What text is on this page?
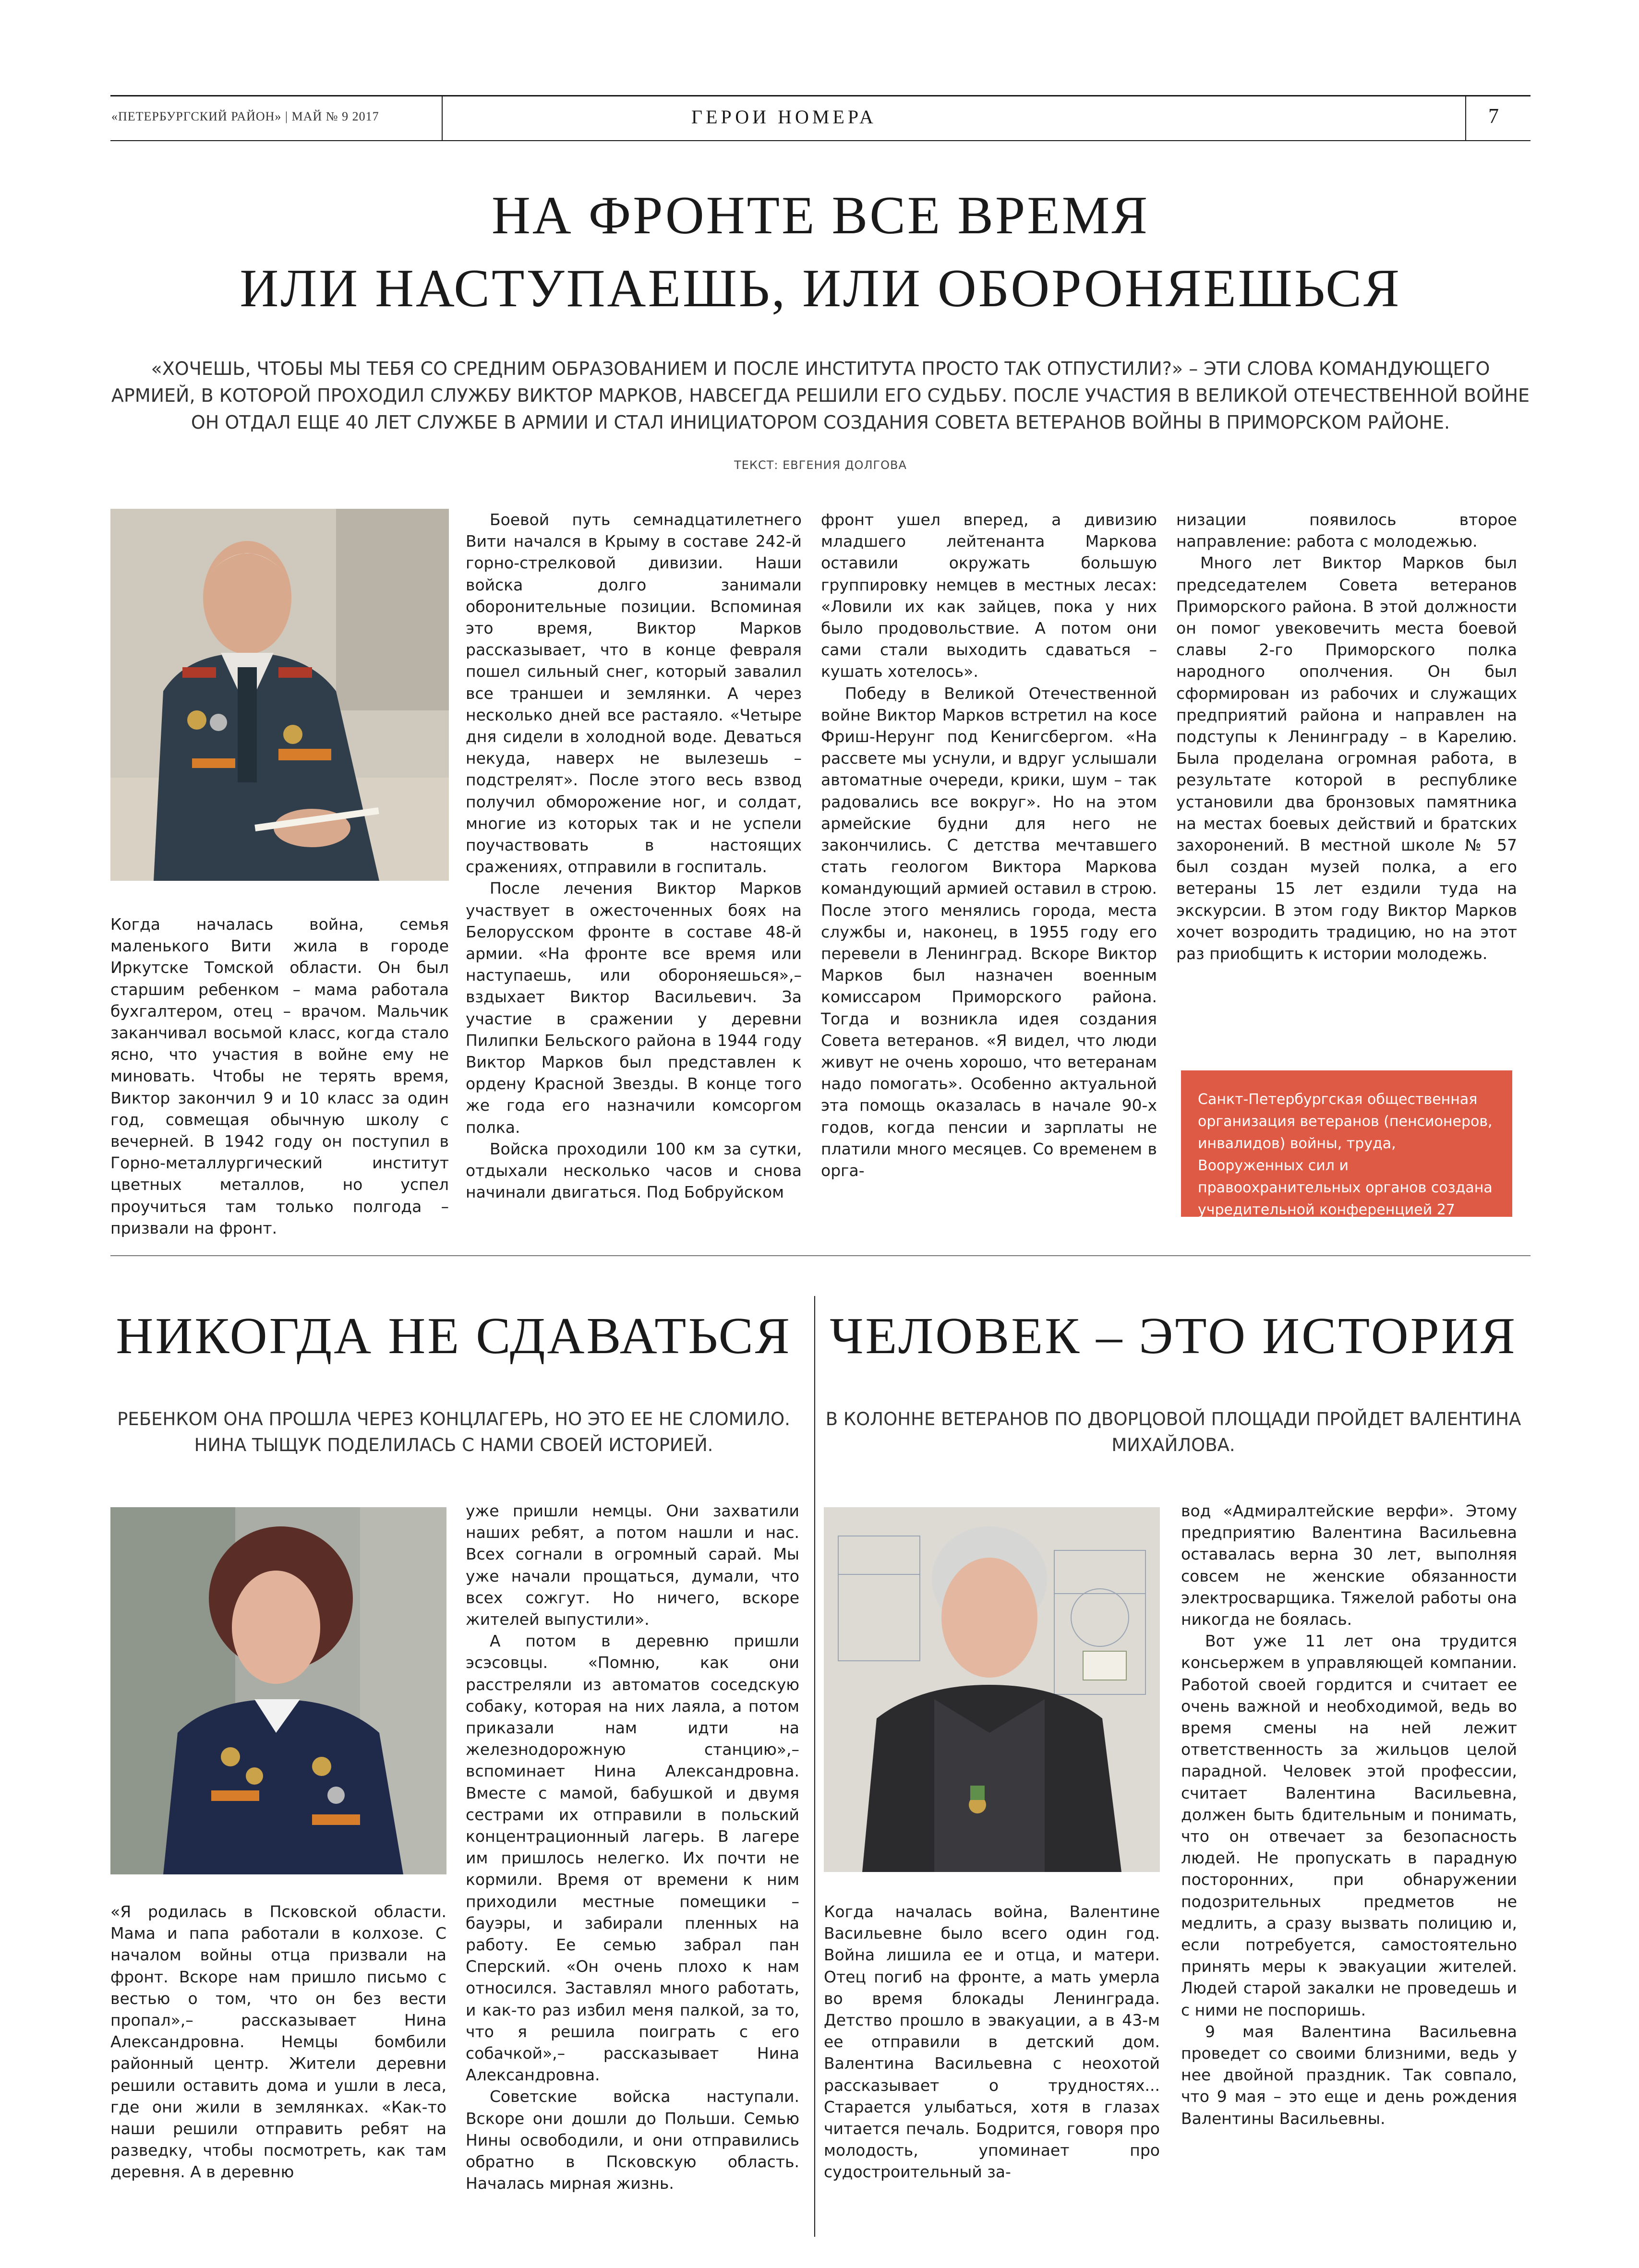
«ПЕТЕРБУРГСКИЙ РАЙОН» | МАЙ № 9 2017	ГЕРОИ НОМЕРА	7
НА ФРОНТЕ ВСЕ ВРЕМЯ
ИЛИ НАСТУПАЕШЬ, ИЛИ ОБОРОНЯЕШЬСЯ
«ХОЧЕШЬ, ЧТОБЫ МЫ ТЕБЯ СО СРЕДНИМ ОБРАЗОВАНИЕМ И ПОСЛЕ ИНСТИТУТА ПРОСТО ТАК ОТПУСТИЛИ?» – ЭТИ СЛОВА КОМАНДУЮЩЕГО АРМИЕЙ, В КОТОРОЙ ПРОХОДИЛ СЛУЖБУ ВИКТОР МАРКОВ, НАВСЕГДА РЕШИЛИ ЕГО СУДЬБУ. ПОСЛЕ УЧАСТИЯ В ВЕЛИКОЙ ОТЕЧЕСТВЕННОЙ ВОЙНЕ ОН ОТДАЛ ЕЩЕ 40 ЛЕТ СЛУЖБЕ В АРМИИ И СТАЛ ИНИЦИАТОРОМ СОЗДАНИЯ СОВЕТА ВЕТЕРАНОВ ВОЙНЫ В ПРИМОРСКОМ РАЙОНЕ.
ТЕКСТ: ЕВГЕНИЯ ДОЛГОВА

Когда началась война, семья маленького Вити жила в городе Иркутске Томской области. Он был старшим ребенком – мама работала бухгалтером, отец – врачом. Мальчик заканчивал восьмой класс, когда стало ясно, что участия в войне ему не миновать. Чтобы не терять время, Виктор закончил 9 и 10 класс за один год, совмещая обычную школу с вечерней. В 1942 году он поступил в Горно-металлургический институт цветных металлов, но успел проучиться там только полгода – призвали на фронт.

Боевой путь семнадцатилетнего Вити начался в Крыму в составе 242-й горно-стрелковой дивизии. Наши войска долго занимали оборонительные позиции. Вспоминая это время, Виктор Марков рассказывает, что в конце февраля пошел сильный снег, который завалил все траншеи и землянки. А через несколько дней все растаяло. «Четыре дня сидели в холодной воде. Деваться некуда, наверх не вылезешь – подстрелят». После этого весь взвод получил обморожение ног, и солдат, многие из которых так и не успели поучаствовать в настоящих сражениях, отправили в госпиталь.

После лечения Виктор Марков участвует в ожесточенных боях на Белорусском фронте в составе 48-й армии. «На фронте все время или наступаешь, или обороняешься»,– вздыхает Виктор Васильевич. За участие в сражении у деревни Пилипки Бельского района в 1944 году Виктор Марков был представлен к ордену Красной Звезды. В конце того же года его назначили комсоргом полка.

Войска проходили 100 км за сутки, отдыхали несколько часов и снова начинали двигаться. Под Бобруйском

фронт ушел вперед, а дивизию младшего лейтенанта Маркова оставили окружать большую группировку немцев в местных лесах: «Ловили их как зайцев, пока у них было продовольствие. А потом они сами стали выходить сдаваться – кушать хотелось».

Победу в Великой Отечественной войне Виктор Марков встретил на косе Фриш-Нерунг под Кенигсбергом. «На рассвете мы уснули, и вдруг услышали автоматные очереди, крики, шум – так радовались все вокруг». Но на этом армейские будни для него не закончились. С детства мечтавшего стать геологом Виктора Маркова командующий армией оставил в строю. После этого менялись города, места службы и, наконец, в 1955 году его перевели в Ленинград. Вскоре Виктор Марков был назначен военным комиссаром Приморского района. Тогда и возникла идея создания Совета ветеранов. «Я видел, что люди живут не очень хорошо, что ветеранам надо помогать». Особенно актуальной эта помощь оказалась в начале 90-х годов, когда пенсии и зарплаты не платили много месяцев. Со временем в орга-

низации появилось второе направление: работа с молодежью.

Много лет Виктор Марков был председателем Совета ветеранов Приморского района. В этой должности он помог увековечить места боевой славы 2-го Приморского полка народного ополчения. Он был сформирован из рабочих и служащих предприятий района и направлен на подступы к Ленинграду – в Карелию. Была проделана огромная работа, в результате которой в республике установили два бронзовых памятника на местах боевых действий и братских захоронений. В местной школе № 57 был создан музей полка, а его ветераны 15 лет ездили туда на экскурсии. В этом году Виктор Марков хочет возродить традицию, но на этот раз приобщить к истории молодежь.

Санкт-Петербургская общественная организация ветеранов (пенсионеров, инвалидов) войны, труда, Вооруженных сил и правоохранительных органов создана учредительной конференцией 27 марта 1987 года.
НИКОГДА НЕ СДАВАТЬСЯ
РЕБЕНКОМ ОНА ПРОШЛА ЧЕРЕЗ КОНЦЛАГЕРЬ, НО ЭТО ЕЕ НЕ СЛОМИЛО. НИНА ТЫЩУК ПОДЕЛИЛАСЬ С НАМИ СВОЕЙ ИСТОРИЕЙ.

«Я родилась в Псковской области. Мама и папа работали в колхозе. С началом войны отца призвали на фронт. Вскоре нам пришло письмо с вестью о том, что он без вести пропал»,– рассказывает Нина Александровна. Немцы бомбили районный центр. Жители деревни решили оставить дома и ушли в леса, где они жили в землянках. «Как-то наши решили отправить ребят на разведку, чтобы посмотреть, как там деревня. А в деревню

уже пришли немцы. Они захватили наших ребят, а потом нашли и нас. Всех согнали в огромный сарай. Мы уже начали прощаться, думали, что всех сожгут. Но ничего, вскоре жителей выпустили».

А потом в деревню пришли эсэсовцы. «Помню, как они расстреляли из автоматов соседскую собаку, которая на них лаяла, а потом приказали нам идти на железнодорожную станцию»,– вспоминает Нина Александровна. Вместе с мамой, бабушкой и двумя сестрами их отправили в польский концентрационный лагерь. В лагере им пришлось нелегко. Их почти не кормили. Время от времени к ним приходили местные помещики – бауэры, и забирали пленных на работу. Ее семью забрал пан Сперский. «Он очень плохо к нам относился. Заставлял много работать, и как-то раз избил меня палкой, за то, что я решила поиграть с его собачкой»,– рассказывает Нина Александровна.

Советские войска наступали. Вскоре они дошли до Польши. Семью Нины освободили, и они отправились обратно в Псковскую область. Началась мирная жизнь.

ЧЕЛОВЕК – ЭТО ИСТОРИЯ
В КОЛОННЕ ВЕТЕРАНОВ ПО ДВОРЦОВОЙ ПЛОЩАДИ ПРОЙДЕТ ВАЛЕНТИНА МИХАЙЛОВА.

Когда началась война, Валентине Васильевне было всего один год. Война лишила ее и отца, и матери. Отец погиб на фронте, а мать умерла во время блокады Ленинграда. Детство прошло в эвакуации, а в 43-м ее отправили в детский дом. Валентина Васильевна с неохотой рассказывает о трудностях... Старается улыбаться, хотя в глазах читается печаль. Бодрится, говоря про молодость, упоминает про судостроительный за-

вод «Адмиралтейские верфи». Этому предприятию Валентина Васильевна оставалась верна 30 лет, выполняя совсем не женские обязанности электросварщика. Тяжелой работы она никогда не боялась.

Вот уже 11 лет она трудится консьержем в управляющей компании. Работой своей гордится и считает ее очень важной и необходимой, ведь во время смены на ней лежит ответственность за жильцов целой парадной. Человек этой профессии, считает Валентина Васильевна, должен быть бдительным и понимать, что он отвечает за безопасность людей. Не пропускать в парадную посторонних, при обнаружении подозрительных предметов не медлить, а сразу вызвать полицию и, если потребуется, самостоятельно принять меры к эвакуации жителей. Людей старой закалки не проведешь и с ними не поспоришь.

9 мая Валентина Васильевна проведет со своими близними, ведь у нее двойной праздник. Так совпало, что 9 мая – это еще и день рождения Валентины Васильевны.
